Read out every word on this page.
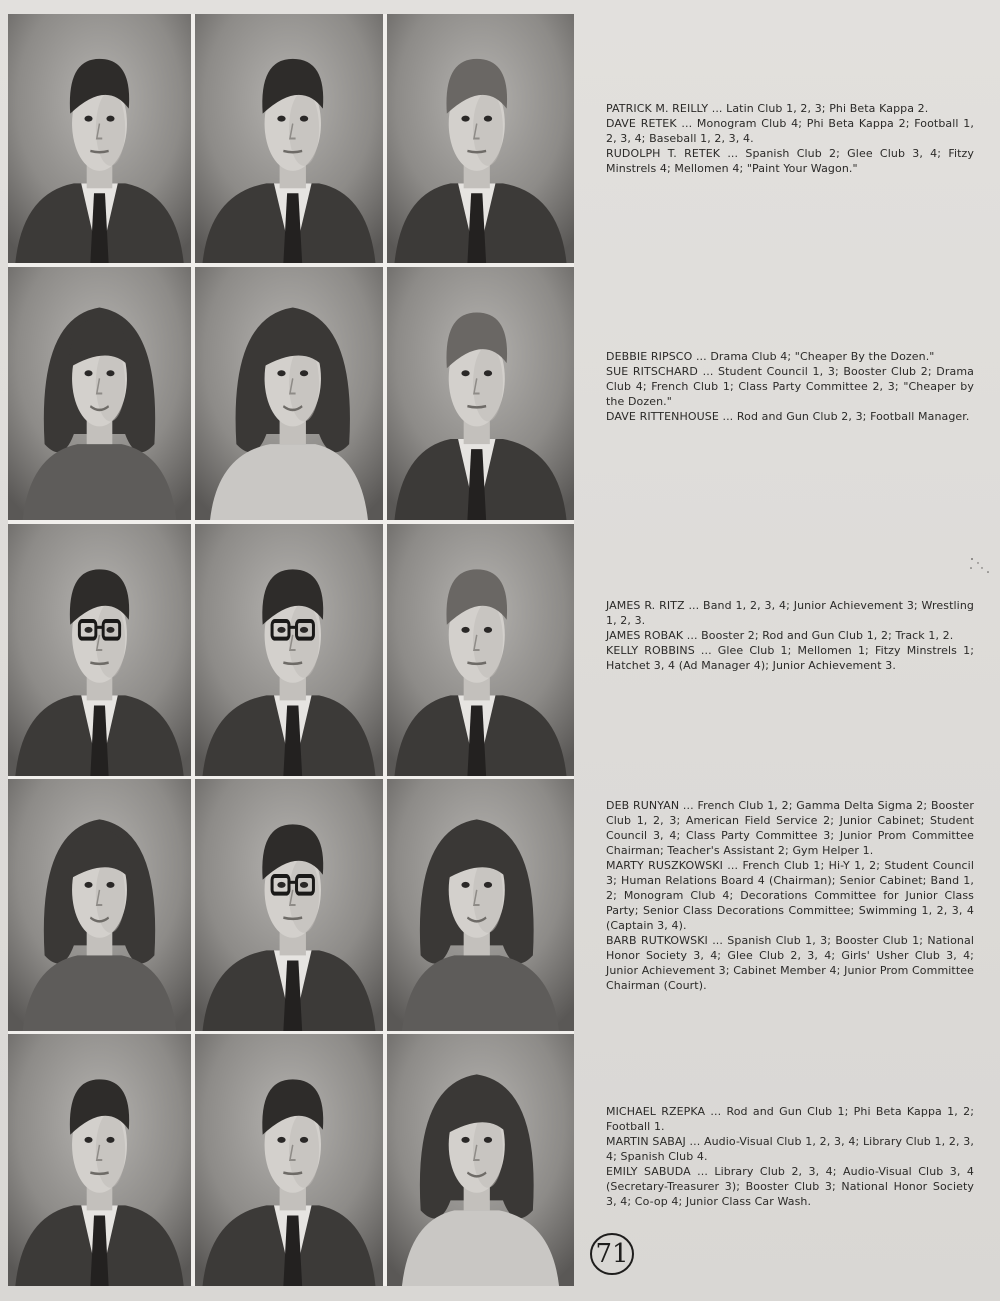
PATRICK M. REILLY ... Latin Club 1, 2, 3; Phi Beta Kappa 2.
DAVE RETEK ... Monogram Club 4; Phi Beta Kappa 2; Football 1, 2, 3, 4; Baseball 1, 2, 3, 4.
RUDOLPH T. RETEK ... Spanish Club 2; Glee Club 3, 4; Fitzy Minstrels 4; Mellomen 4; "Paint Your Wagon."
DEBBIE RIPSCO ... Drama Club 4; "Cheaper By the Dozen."
SUE RITSCHARD ... Student Council 1, 3; Booster Club 2; Drama Club 4; French Club 1; Class Party Committee 2, 3; "Cheaper by the Dozen."
DAVE RITTENHOUSE ... Rod and Gun Club 2, 3; Football Manager.
JAMES R. RITZ ... Band 1, 2, 3, 4; Junior Achievement 3; Wrestling 1, 2, 3.
JAMES ROBAK ... Booster 2; Rod and Gun Club 1, 2; Track 1, 2.
KELLY ROBBINS ... Glee Club 1; Mellomen 1; Fitzy Minstrels 1; Hatchet 3, 4 (Ad Manager 4); Junior Achievement 3.
DEB RUNYAN ... French Club 1, 2; Gamma Delta Sigma 2; Booster Club 1, 2, 3; American Field Service 2; Junior Cabinet; Student Council 3, 4; Class Party Committee 3; Junior Prom Committee Chairman; Teacher's Assistant 2; Gym Helper 1.
MARTY RUSZKOWSKI ... French Club 1; Hi-Y 1, 2; Student Council 3; Human Relations Board 4 (Chairman); Senior Cabinet; Band 1, 2; Monogram Club 4; Decorations Committee for Junior Class Party; Senior Class Decorations Committee; Swimming 1, 2, 3, 4 (Captain 3, 4).
BARB RUTKOWSKI ... Spanish Club 1, 3; Booster Club 1; National Honor Society 3, 4; Glee Club 2, 3, 4; Girls' Usher Club 3, 4; Junior Achievement 3; Cabinet Member 4; Junior Prom Committee Chairman (Court).
MICHAEL RZEPKA ... Rod and Gun Club 1; Phi Beta Kappa 1, 2; Football 1.
MARTIN SABAJ ... Audio-Visual Club 1, 2, 3, 4; Library Club 1, 2, 3, 4; Spanish Club 4.
EMILY SABUDA ... Library Club 2, 3, 4; Audio-Visual Club 3, 4 (Secretary-Treasurer 3); Booster Club 3; National Honor Society 3, 4; Co-op 4; Junior Class Car Wash.
71
